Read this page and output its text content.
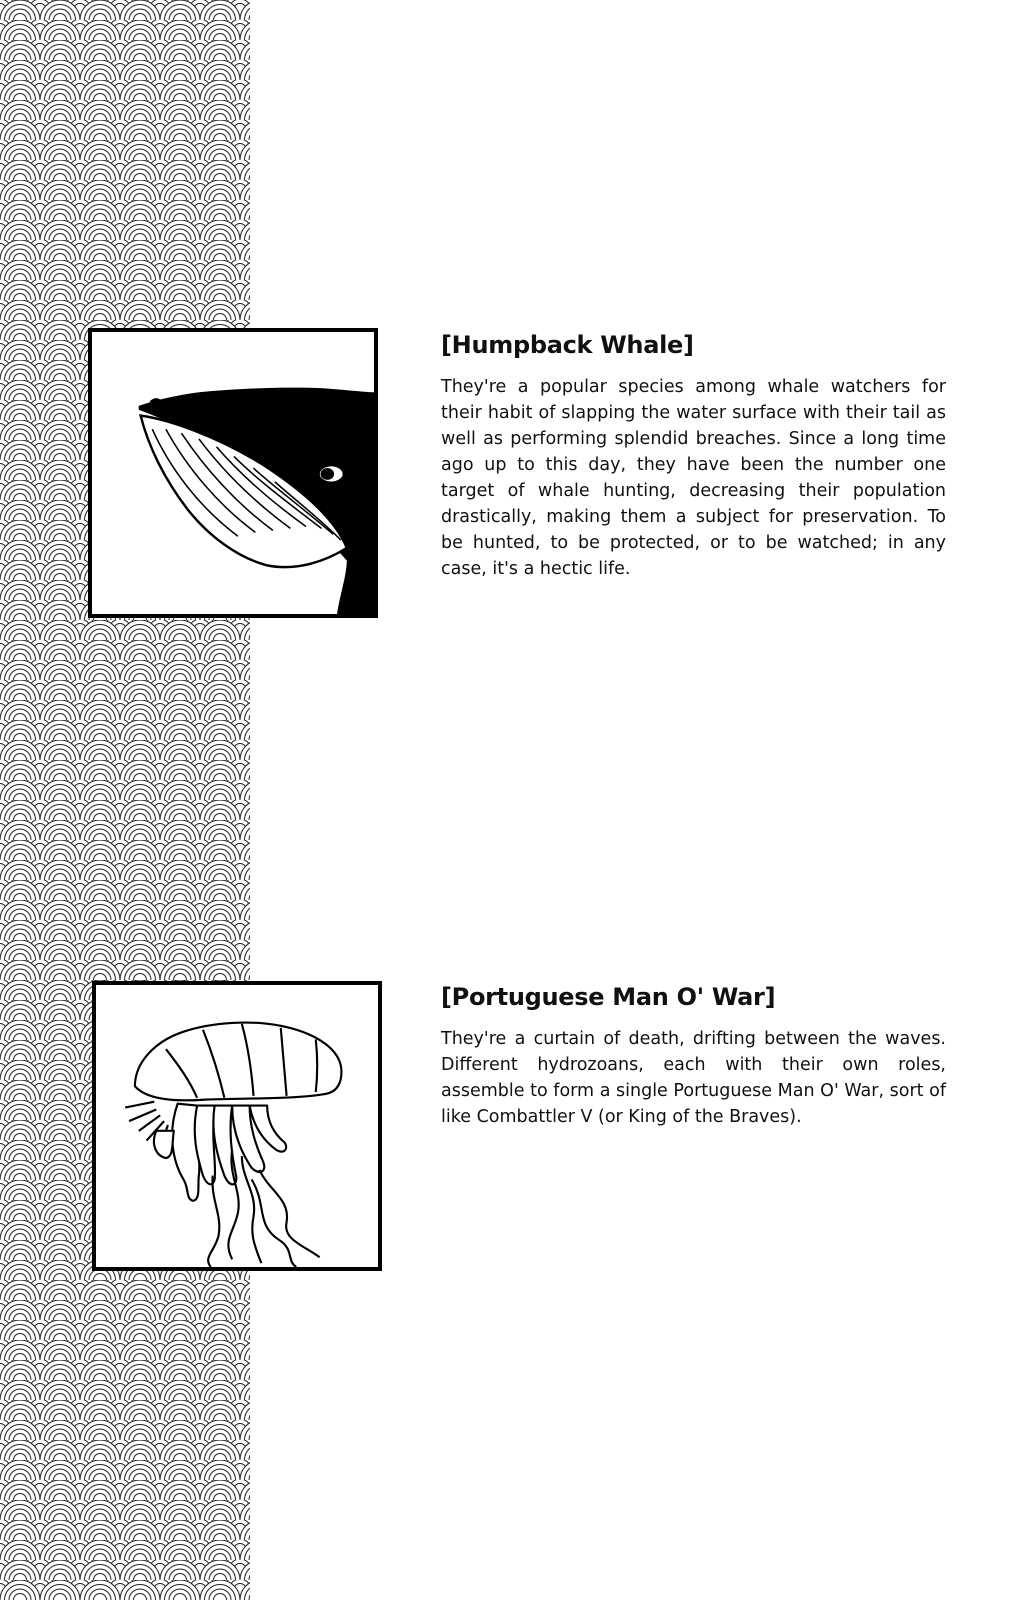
[Humpback Whale]

They're a popular species among whale watchers for their habit of slapping the water surface with their tail as well as performing splendid breaches. Since a long time ago up to this day, they have been the number one target of whale hunting, decreasing their population drastically, making them a subject for preservation. To be hunted, to be protected, or to be watched; in any case, it's a hectic life.

[Portuguese Man O' War]

They're a curtain of death, drifting between the waves. Different hydrozoans, each with their own roles, assemble to form a single Portuguese Man O' War, sort of like Combattler V (or King of the Braves).
